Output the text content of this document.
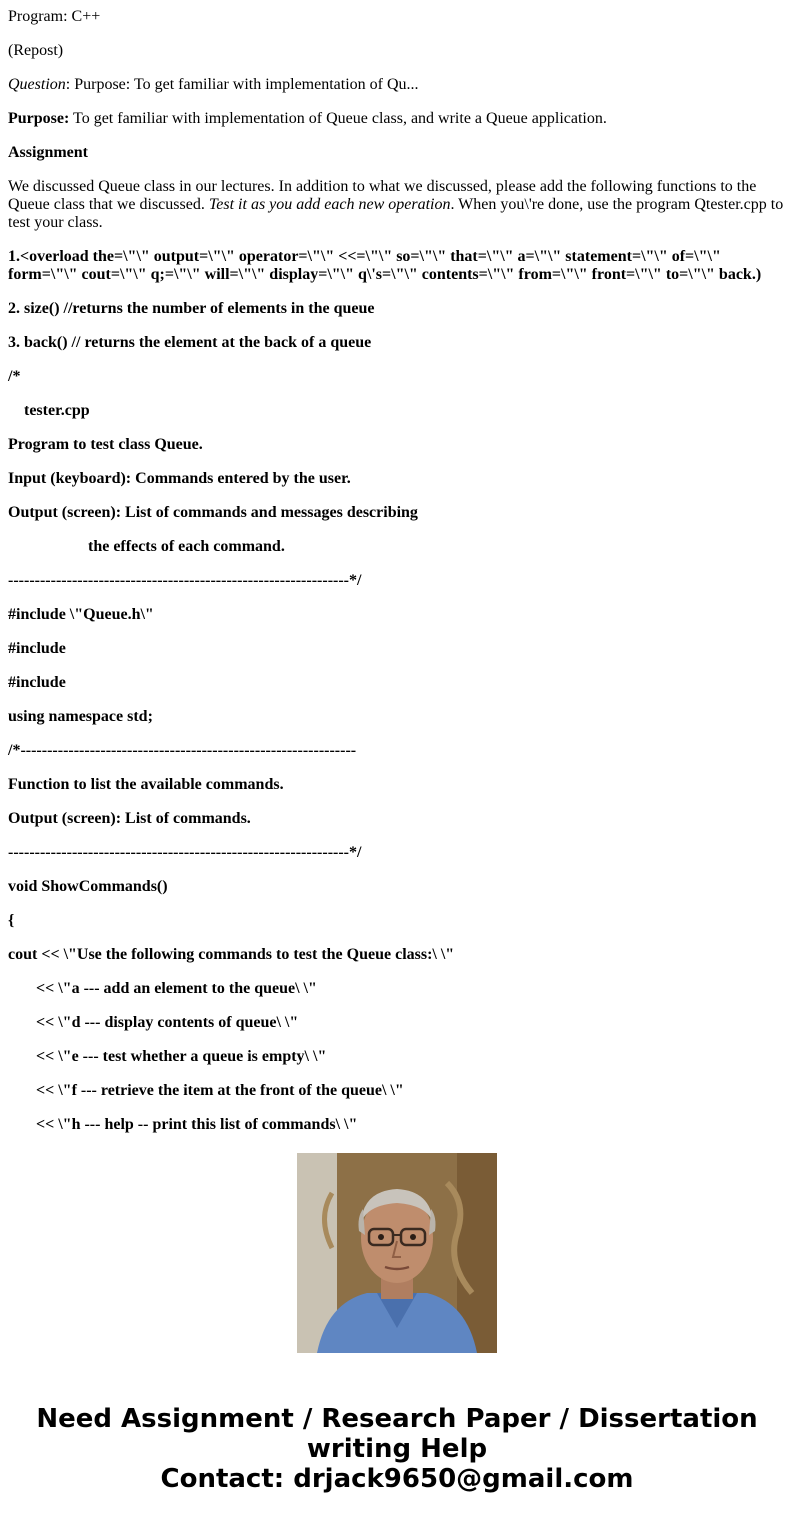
Program: C++

(Repost)

Question: Purpose: To get familiar with implementation of Qu...

Purpose: To get familiar with implementation of Queue class, and write a Queue application.

Assignment

We discussed Queue class in our lectures. In addition to what we discussed, please add the following functions to the Queue class that we discussed. Test it as you add each new operation. When you\'re done, use the program Qtester.cpp to test your class.

1.<overload the=\"\" output=\"\" operator=\"\" <<=\"\" so=\"\" that=\"\" a=\"\" statement=\"\" of=\"\" form=\"\" cout=\"\" q;=\"\" will=\"\" display=\"\" q\'s=\"\" contents=\"\" from=\"\" front=\"\" to=\"\" back.)

2. size() //returns the number of elements in the queue

3. back() // returns the element at the back of a queue

/*

tester.cpp

Program to test class Queue.

Input (keyboard): Commands entered by the user.

Output (screen): List of commands and messages describing

the effects of each command.

----------------------------------------------------------------*/

#include \"Queue.h\"

#include

#include

using namespace std;

/*---------------------------------------------------------------

Function to list the available commands.

Output (screen): List of commands.

----------------------------------------------------------------*/

void ShowCommands()

{

cout << \"Use the following commands to test the Queue class:\ \"

<< \"a --- add an element to the queue\ \"

<< \"d --- display contents of queue\ \"

<< \"e --- test whether a queue is empty\ \"

<< \"f --- retrieve the item at the front of the queue\ \"

<< \"h --- help -- print this list of commands\ \"

Need Assignment / Research Paper / Dissertation
writing Help
Contact: drjack9650@gmail.com
